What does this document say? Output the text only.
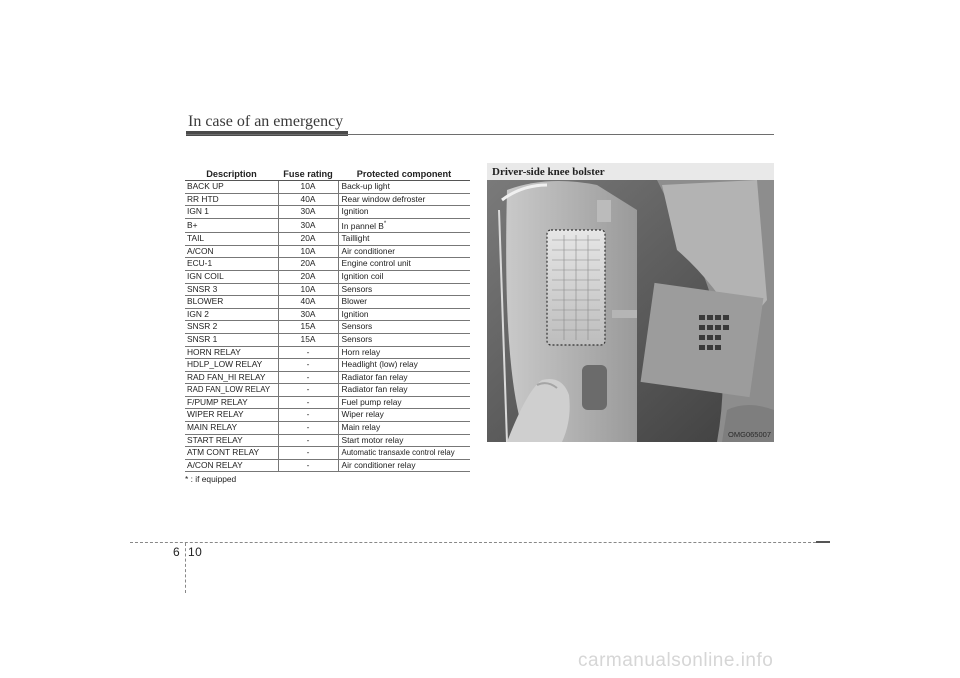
In case of an emergency
Description	Fuse rating	Protected component
BACK UP	10A	Back-up light
RR HTD	40A	Rear window defroster
IGN 1	30A	Ignition
B+	30A	In pannel B*
TAIL	20A	Taillight
A/CON	10A	Air conditioner
ECU-1	20A	Engine control unit
IGN COIL	20A	Ignition coil
SNSR 3	10A	Sensors
BLOWER	40A	Blower
IGN 2	30A	Ignition
SNSR 2	15A	Sensors
SNSR 1	15A	Sensors
HORN RELAY	-	Horn relay
HDLP_LOW RELAY	-	Headlight (low) relay
RAD FAN_HI RELAY	-	Radiator fan relay
RAD FAN_LOW RELAY	-	Radiator fan relay
F/PUMP RELAY	-	Fuel pump relay
WIPER RELAY	-	Wiper relay
MAIN RELAY	-	Main relay
START RELAY	-	Start motor relay
ATM CONT RELAY	-	Automatic transaxle control relay
A/CON RELAY	-	Air conditioner relay
* : if equipped
Driver-side knee bolster
OMG065007
6 10
carmanualsonline.info
